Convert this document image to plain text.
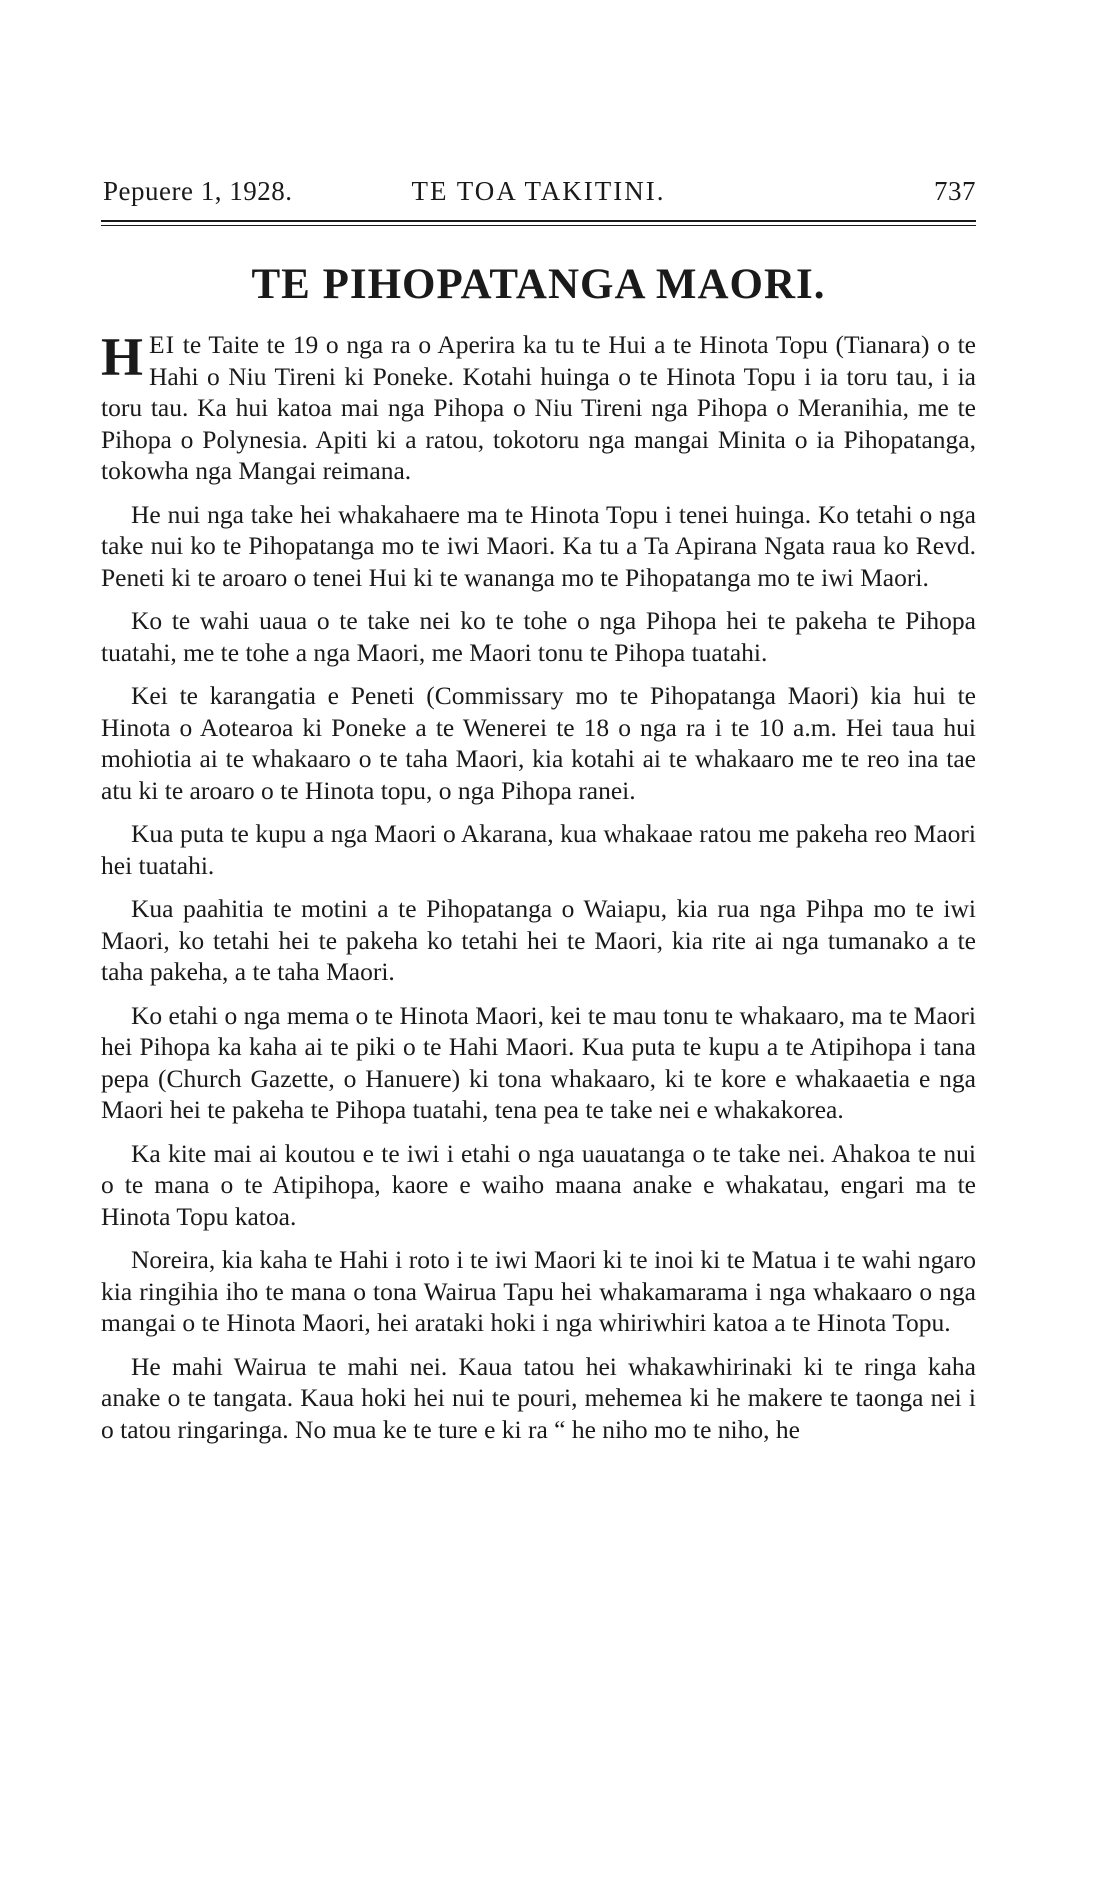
Pepuere 1, 1928.	TE TOA TAKITINI.	737
TE PIHOPATANGA MAORI.

HEI te Taite te 19 o nga ra o Aperira ka tu te Hui a te Hinota Topu (Tianara) o te Hahi o Niu Tireni ki Poneke. Kotahi huinga o te Hinota Topu i ia toru tau, i ia toru tau. Ka hui katoa mai nga Pihopa o Niu Tireni nga Pihopa o Meranihia, me te Pihopa o Polynesia. Apiti ki a ratou, tokotoru nga mangai Minita o ia Pihopatanga, tokowha nga Mangai reimana.

He nui nga take hei whakahaere ma te Hinota Topu i tenei huinga. Ko tetahi o nga take nui ko te Pihopatanga mo te iwi Maori. Ka tu a Ta Apirana Ngata raua ko Revd. Peneti ki te aroaro o tenei Hui ki te wananga mo te Pihopatanga mo te iwi Maori.

Ko te wahi uaua o te take nei ko te tohe o nga Pihopa hei te pakeha te Pihopa tuatahi, me te tohe a nga Maori, me Maori tonu te Pihopa tuatahi.

Kei te karangatia e Peneti (Commissary mo te Pihopatanga Maori) kia hui te Hinota o Aotearoa ki Poneke a te Wenerei te 18 o nga ra i te 10 a.m. Hei taua hui mohiotia ai te whakaaro o te taha Maori, kia kotahi ai te whakaaro me te reo ina tae atu ki te aroaro o te Hinota topu, o nga Pihopa ranei.

Kua puta te kupu a nga Maori o Akarana, kua whakaae ratou me pakeha reo Maori hei tuatahi.

Kua paahitia te motini a te Pihopatanga o Waiapu, kia rua nga Pihpa mo te iwi Maori, ko tetahi hei te pakeha ko tetahi hei te Maori, kia rite ai nga tumanako a te taha pakeha, a te taha Maori.

Ko etahi o nga mema o te Hinota Maori, kei te mau tonu te whakaaro, ma te Maori hei Pihopa ka kaha ai te piki o te Hahi Maori. Kua puta te kupu a te Atipihopa i tana pepa (Church Gazette, o Hanuere) ki tona whakaaro, ki te kore e whakaaetia e nga Maori hei te pakeha te Pihopa tuatahi, tena pea te take nei e whakakorea.

Ka kite mai ai koutou e te iwi i etahi o nga uauatanga o te take nei. Ahakoa te nui o te mana o te Atipihopa, kaore e waiho maana anake e whakatau, engari ma te Hinota Topu katoa.

Noreira, kia kaha te Hahi i roto i te iwi Maori ki te inoi ki te Matua i te wahi ngaro kia ringihia iho te mana o tona Wairua Tapu hei whakamarama i nga whakaaro o nga mangai o te Hinota Maori, hei arataki hoki i nga whiriwhiri katoa a te Hinota Topu.

He mahi Wairua te mahi nei. Kaua tatou hei whakawhirinaki ki te ringa kaha anake o te tangata. Kaua hoki hei nui te pouri, mehemea ki he makere te taonga nei i o tatou ringaringa. No mua ke te ture e ki ra “ he niho mo te niho, he
